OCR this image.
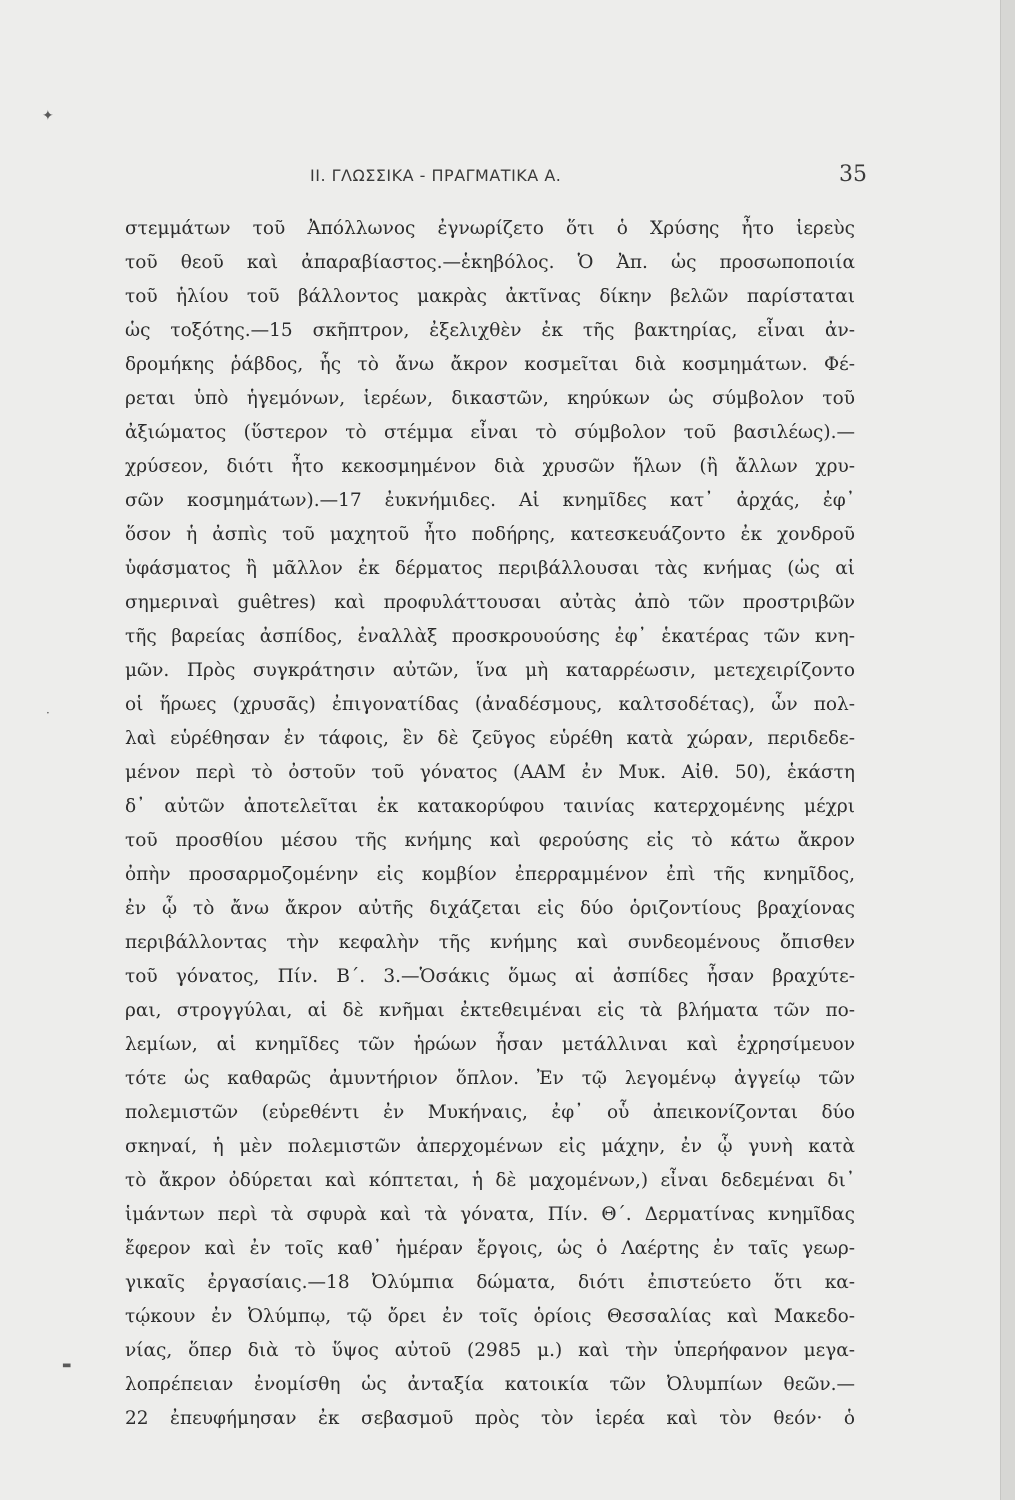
✦
·
▬
II. ΓΛΩΣΣΙΚΑ - ΠΡΑΓΜΑΤΙΚΑ Α.	35
στεμμάτων τοῦ Ἀπόλλωνος ἐγνωρίζετο ὅτι ὁ Χρύσης ἦτο ἱερεὺς
τοῦ θεοῦ καὶ ἀπαραβίαστος.—ἑκηβόλος. Ὁ Ἀπ. ὡς προσωποποιία
τοῦ ἡλίου τοῦ βάλλοντος μακρὰς ἀκτῖνας δίκην βελῶν παρίσταται
ὡς τοξότης.—15 σκῆπτρον, ἐξελιχθὲν ἐκ τῆς βακτηρίας, εἶναι ἀν-
δρομήκης ῥάβδος, ἧς τὸ ἄνω ἄκρον κοσμεῖται διὰ κοσμημάτων. Φέ-
ρεται ὑπὸ ἡγεμόνων, ἱερέων, δικαστῶν, κηρύκων ὡς σύμβολον τοῦ
ἀξιώματος (ὕστερον τὸ στέμμα εἶναι τὸ σύμβολον τοῦ βασιλέως).—
χρύσεον, διότι ἦτο κεκοσμημένον διὰ χρυσῶν ἥλων (ἢ ἄλλων χρυ-
σῶν κοσμημάτων).—17 ἐυκνήμιδες. Αἱ κνημῖδες κατ᾿ ἀρχάς, ἐφ᾿
ὅσον ἡ ἀσπὶς τοῦ μαχητοῦ ἦτο ποδήρης, κατεσκευάζοντο ἐκ χονδροῦ
ὑφάσματος ἢ μᾶλλον ἐκ δέρματος περιβάλλουσαι τὰς κνήμας (ὡς αἱ
σημεριναὶ guêtres) καὶ προφυλάττουσαι αὐτὰς ἀπὸ τῶν προστριβῶν
τῆς βαρείας ἀσπίδος, ἐναλλὰξ προσκρουούσης ἐφ᾿ ἑκατέρας τῶν κνη-
μῶν. Πρὸς συγκράτησιν αὐτῶν, ἵνα μὴ καταρρέωσιν, μετεχειρίζοντο
οἱ ἥρωες (χρυσᾶς) ἐπιγονατίδας (ἀναδέσμους, καλτσοδέτας), ὧν πολ-
λαὶ εὑρέθησαν ἐν τάφοις, ἓν δὲ ζεῦγος εὑρέθη κατὰ χώραν, περιδεδε-
μένον περὶ τὸ ὀστοῦν τοῦ γόνατος (ΑΑΜ ἐν Μυκ. Αἰθ. 50), ἑκάστη
δ᾿ αὐτῶν ἀποτελεῖται ἐκ κατακορύφου ταινίας κατερχομένης μέχρι
τοῦ προσθίου μέσου τῆς κνήμης καὶ φερούσης εἰς τὸ κάτω ἄκρον
ὀπὴν προσαρμοζομένην εἰς κομβίον ἐπερραμμένον ἐπὶ τῆς κνημῖδος,
ἐν ᾧ τὸ ἄνω ἄκρον αὐτῆς διχάζεται εἰς δύο ὁριζοντίους βραχίονας
περιβάλλοντας τὴν κεφαλὴν τῆς κνήμης καὶ συνδεομένους ὄπισθεν
τοῦ γόνατος, Πίν. Β΄. 3.—Ὁσάκις ὅμως αἱ ἀσπίδες ἦσαν βραχύτε-
ραι, στρογγύλαι, αἱ δὲ κνῆμαι ἐκτεθειμέναι εἰς τὰ βλήματα τῶν πο-
λεμίων, αἱ κνημῖδες τῶν ἡρώων ἦσαν μετάλλιναι καὶ ἐχρησίμευον
τότε ὡς καθαρῶς ἀμυντήριον ὅπλον. Ἐν τῷ λεγομένῳ ἀγγείῳ τῶν
πολεμιστῶν (εὑρεθέντι ἐν Μυκήναις, ἐφ᾿ οὗ ἀπεικονίζονται δύο
σκηναί, ἡ μὲν πολεμιστῶν ἀπερχομένων εἰς μάχην, ἐν ᾧ γυνὴ κατὰ
τὸ ἄκρον ὀδύρεται καὶ κόπτεται, ἡ δὲ μαχομένων,) εἶναι δεδεμέναι δι᾿
ἱμάντων περὶ τὰ σφυρὰ καὶ τὰ γόνατα, Πίν. Θ΄. Δερματίνας κνημῖδας
ἔφερον καὶ ἐν τοῖς καθ᾿ ἡμέραν ἔργοις, ὡς ὁ Λαέρτης ἐν ταῖς γεωρ-
γικαῖς ἐργασίαις.—18 Ὀλύμπια δώματα, διότι ἐπιστεύετο ὅτι κα-
τῴκουν ἐν Ὀλύμπῳ, τῷ ὄρει ἐν τοῖς ὁρίοις Θεσσαλίας καὶ Μακεδο-
νίας, ὅπερ διὰ τὸ ὕψος αὐτοῦ (2985 μ.) καὶ τὴν ὑπερήφανον μεγα-
λοπρέπειαν ἐνομίσθη ὡς ἀνταξία κατοικία τῶν Ὀλυμπίων θεῶν.—
22 ἐπευφήμησαν ἐκ σεβασμοῦ πρὸς τὸν ἱερέα καὶ τὸν θεόν· ὁ
